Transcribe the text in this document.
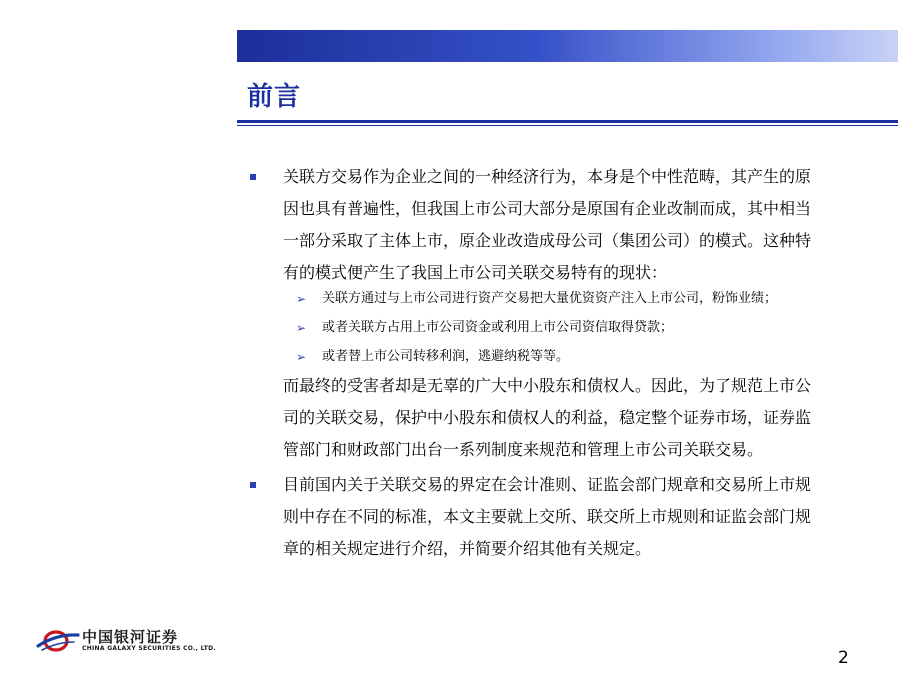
前言
关联方交易作为企业之间的一种经济行为，本身是个中性范畴，其产生的原
因也具有普遍性，但我国上市公司大部分是原国有企业改制而成，其中相当
一部分采取了主体上市，原企业改造成母公司（集团公司）的模式。这种特
有的模式便产生了我国上市公司关联交易特有的现状：
➢ 关联方通过与上市公司进行资产交易把大量优资资产注入上市公司，粉饰业绩；
➢ 或者关联方占用上市公司资金或利用上市公司资信取得贷款；
➢ 或者替上市公司转移利润，逃避纳税等等。
而最终的受害者却是无辜的广大中小股东和债权人。因此，为了规范上市公
司的关联交易，保护中小股东和债权人的利益，稳定整个证券市场，证券监
管部门和财政部门出台一系列制度来规范和管理上市公司关联交易。
目前国内关于关联交易的界定在会计准则、证监会部门规章和交易所上市规
则中存在不同的标准，本文主要就上交所、联交所上市规则和证监会部门规
章的相关规定进行介绍，并简要介绍其他有关规定。
中国银河证券
CHINA GALAXY SECURITIES CO., LTD.	2
